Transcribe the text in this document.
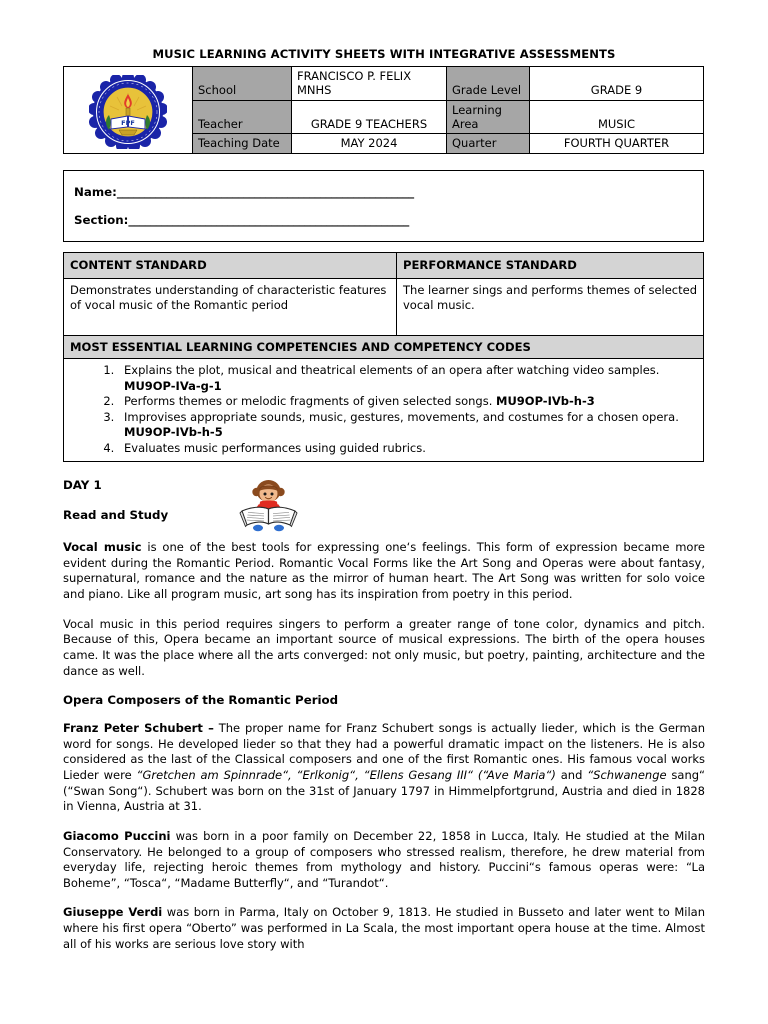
MUSIC LEARNING ACTIVITY SHEETS WITH INTEGRATIVE ASSESSMENTS
FPF	School	FRANCISCO P. FELIX MNHS	Grade Level	GRADE 9
	Teacher	GRADE 9 TEACHERS	Learning Area	MUSIC
	Teaching Date	MAY 2024	Quarter	FOURTH QUARTER
Name:______________________________________________________
Section:___________________________________________________
CONTENT STANDARD	PERFORMANCE STANDARD
Demonstrates understanding of characteristic features of vocal music of the Romantic period	The learner sings and performs themes of selected vocal music.
MOST ESSENTIAL LEARNING COMPETENCIES AND COMPETENCY CODES

1. Explains the plot, musical and theatrical elements of an opera after watching video samples. MU9OP-IVa-g-1
2. Performs themes or melodic fragments of given selected songs. MU9OP-IVb-h-3
3. Improvises appropriate sounds, music, gestures, movements, and costumes for a chosen opera. MU9OP-IVb-h-5
4. Evaluates music performances using guided rubrics.
DAY 1
Read and Study

Vocal music is one of the best tools for expressing one‘s feelings. This form of expression became more evident during the Romantic Period. Romantic Vocal Forms like the Art Song and Operas were about fantasy, supernatural, romance and the nature as the mirror of human heart. The Art Song was written for solo voice and piano. Like all program music, art song has its inspiration from poetry in this period.

Vocal music in this period requires singers to perform a greater range of tone color, dynamics and pitch. Because of this, Opera became an important source of musical expressions. The birth of the opera houses came. It was the place where all the arts converged: not only music, but poetry, painting, architecture and the dance as well.

Opera Composers of the Romantic Period

Franz Peter Schubert – The proper name for Franz Schubert songs is actually lieder, which is the German word for songs. He developed lieder so that they had a powerful dramatic impact on the listeners. He is also considered as the last of the Classical composers and one of the first Romantic ones. His famous vocal works Lieder were “Gretchen am Spinnrade“, “Erlkonig“, “Ellens Gesang III“ (“Ave Maria“) and “Schwanenge sang“ (“Swan Song“). Schubert was born on the 31st of January 1797 in Himmelpfortgrund, Austria and died in 1828 in Vienna, Austria at 31.

Giacomo Puccini was born in a poor family on December 22, 1858 in Lucca, Italy. He studied at the Milan Conservatory. He belonged to a group of composers who stressed realism, therefore, he drew material from everyday life, rejecting heroic themes from mythology and history. Puccini“s famous operas were: “La Boheme”, “Tosca“, “Madame Butterfly“, and “Turandot“.

Giuseppe Verdi was born in Parma, Italy on October 9, 1813. He studied in Busseto and later went to Milan where his first opera “Oberto” was performed in La Scala, the most important opera house at the time. Almost all of his works are serious love story with
